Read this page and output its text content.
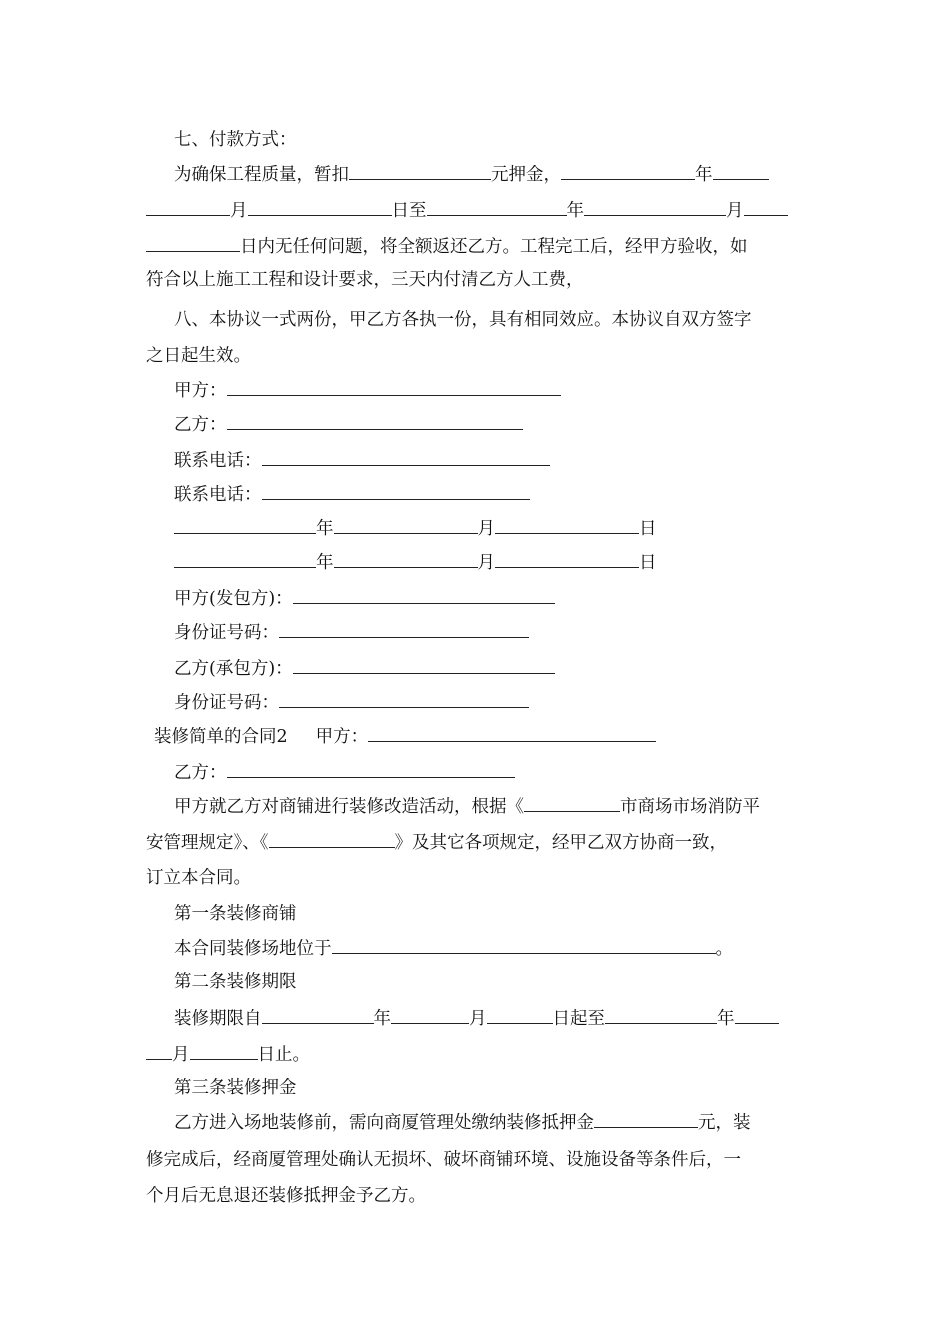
七、付款方式：
为确保工程质量，暂扣	元押金，	年
月	日至	年	月
日内无任何问题，将全额返还乙方。工程完工后，经甲方验收，如
符合以上施工工程和设计要求，三天内付清乙方人工费，
八、本协议一式两份，甲乙方各执一份，具有相同效应。本协议自双方签字
之日起生效。
甲方：
乙方：
联系电话：
联系电话：
年	月	日
年	月	日
甲方(发包方)：
身份证号码：
乙方(承包方)：
身份证号码：
装修简单的合同2 甲方：
乙方：
甲方就乙方对商铺进行装修改造活动，根据《	市商场市场消防平
安管理规定》、《	》及其它各项规定，经甲乙双方协商一致，
订立本合同。
第一条装修商铺
本合同装修场地位于	。
第二条装修期限
装修期限自	年	月	日起至	年
月	日止。
第三条装修押金
乙方进入场地装修前，需向商厦管理处缴纳装修抵押金	元，装
修完成后，经商厦管理处确认无损坏、破坏商铺环境、设施设备等条件后，一
个月后无息退还装修抵押金予乙方。
